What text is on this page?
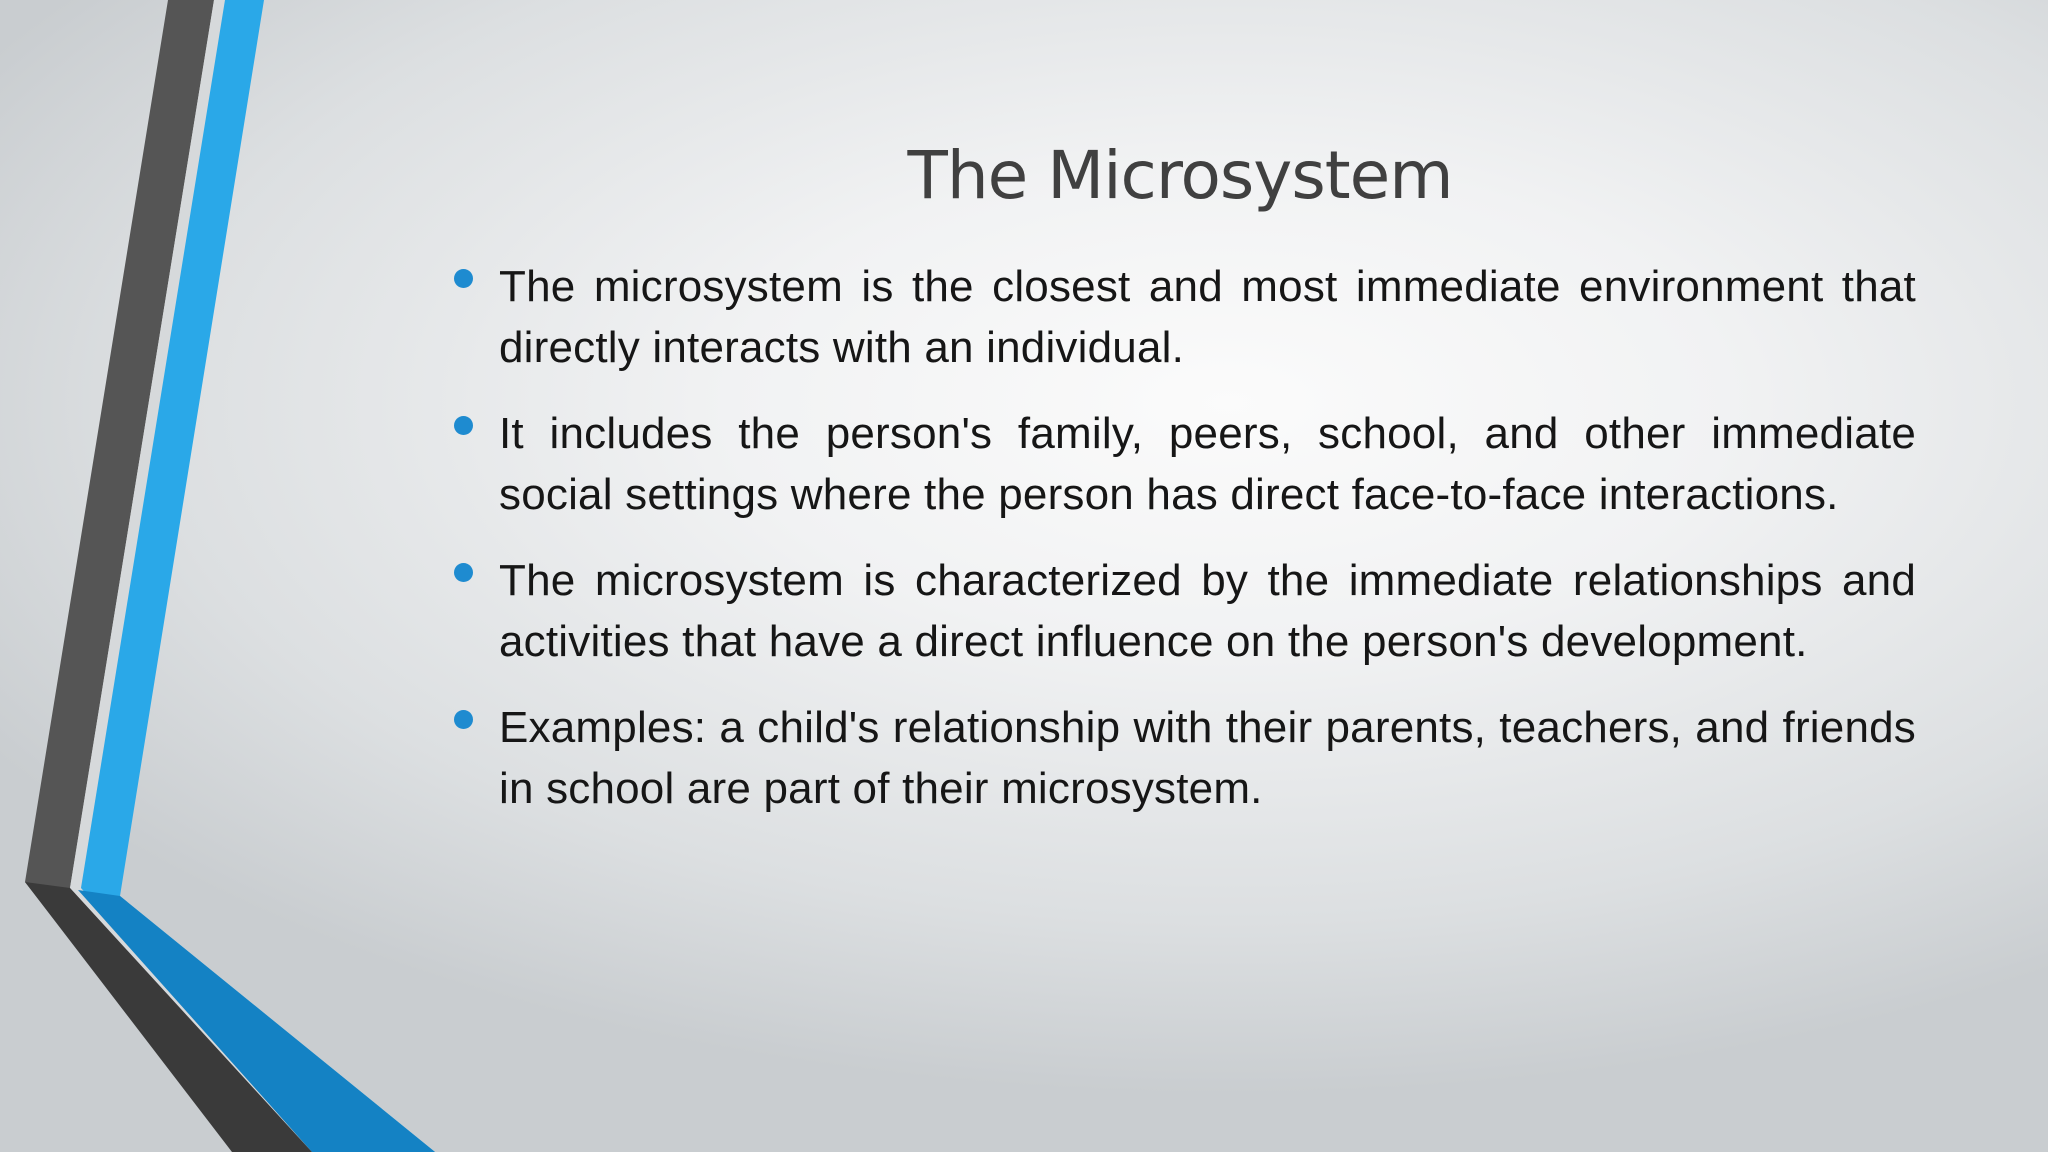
The Microsystem
The microsystem is the closest and most immediate environment that directly interacts with an individual.
It includes the person's family, peers, school, and other immediate social settings where the person has direct face-to-face interactions.
The microsystem is characterized by the immediate relationships and activities that have a direct influence on the person's development.
Examples: a child's relationship with their parents, teachers, and friends in school are part of their microsystem.
